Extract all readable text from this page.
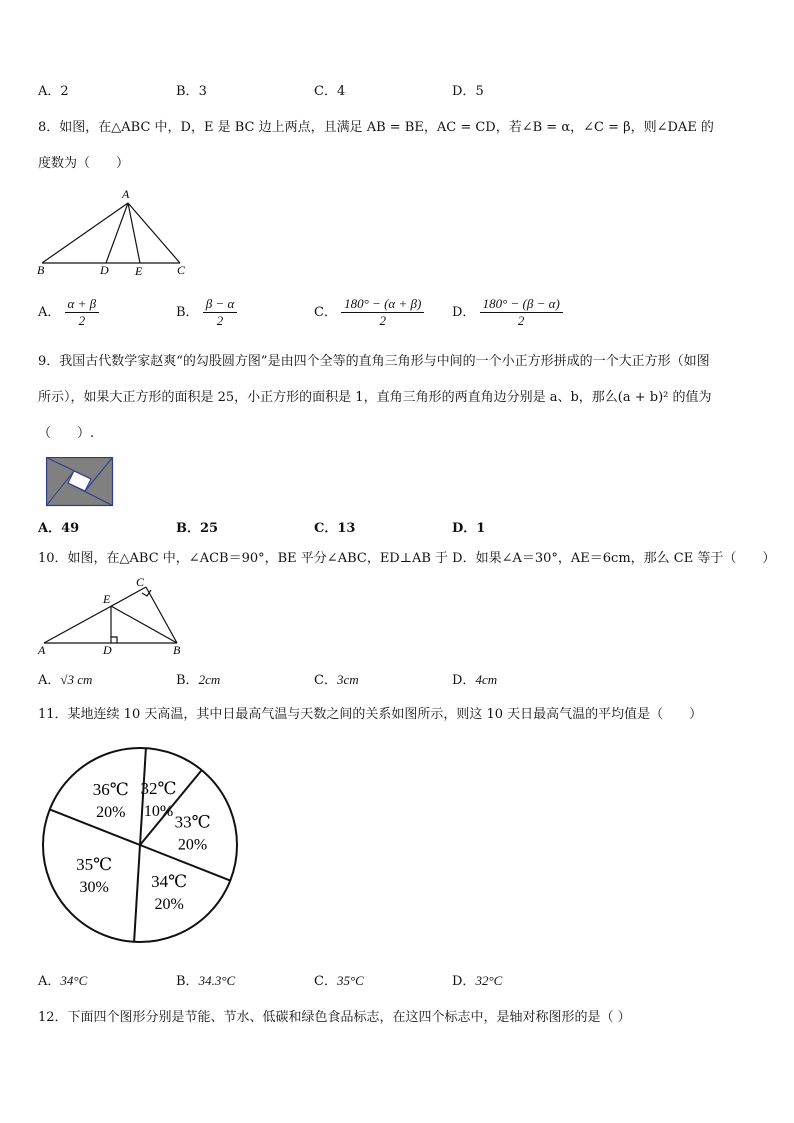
A．2	B．3	C．4	D．5
8．如图，在△ABC 中，D，E 是 BC 边上两点，且满足 AB = BE，AC = CD，若∠B = α，∠C = β，则∠DAE 的
度数为（　　）
A
B	D E	C
A． $\frac{\alpha + \beta}{2}$	B． $\frac{\beta - \alpha}{2}$	C． $\frac{180^\circ - (\alpha + \beta)}{2}$ D． $\frac{180^\circ - (\beta - \alpha)}{2}$
9．我国古代数学家赵爽“的勾股圆方图”是由四个全等的直角三角形与中间的一个小正方形拼成的一个大正方形（如图
所示），如果大正方形的面积是 25，小正方形的面积是 1，直角三角形的两直角边分别是 a、b，那么(a + b)² 的值为
（　　）.
A．49	B．25	C．13	D．1
10．如图，在△ABC 中，∠ACB＝90°，BE 平分∠ABC，ED⊥AB 于 D．如果∠A＝30°，AE＝6cm，那么 CE 等于（　　）
A	D	B
C
E
A．√3 cm	B．2cm	C．3cm	D．4cm
11．某地连续 10 天高温，其中日最高气温与天数之间的关系如图所示，则这 10 天日最高气温的平均值是（　　）
32℃
10%
33℃
20%
34℃
20%
35℃
30%
36℃
20%
A．34°C	B．34.3°C	C．35°C	D．32°C
12．下面四个图形分别是节能、节水、低碳和绿色食品标志，在这四个标志中，是轴对称图形的是（ ）
